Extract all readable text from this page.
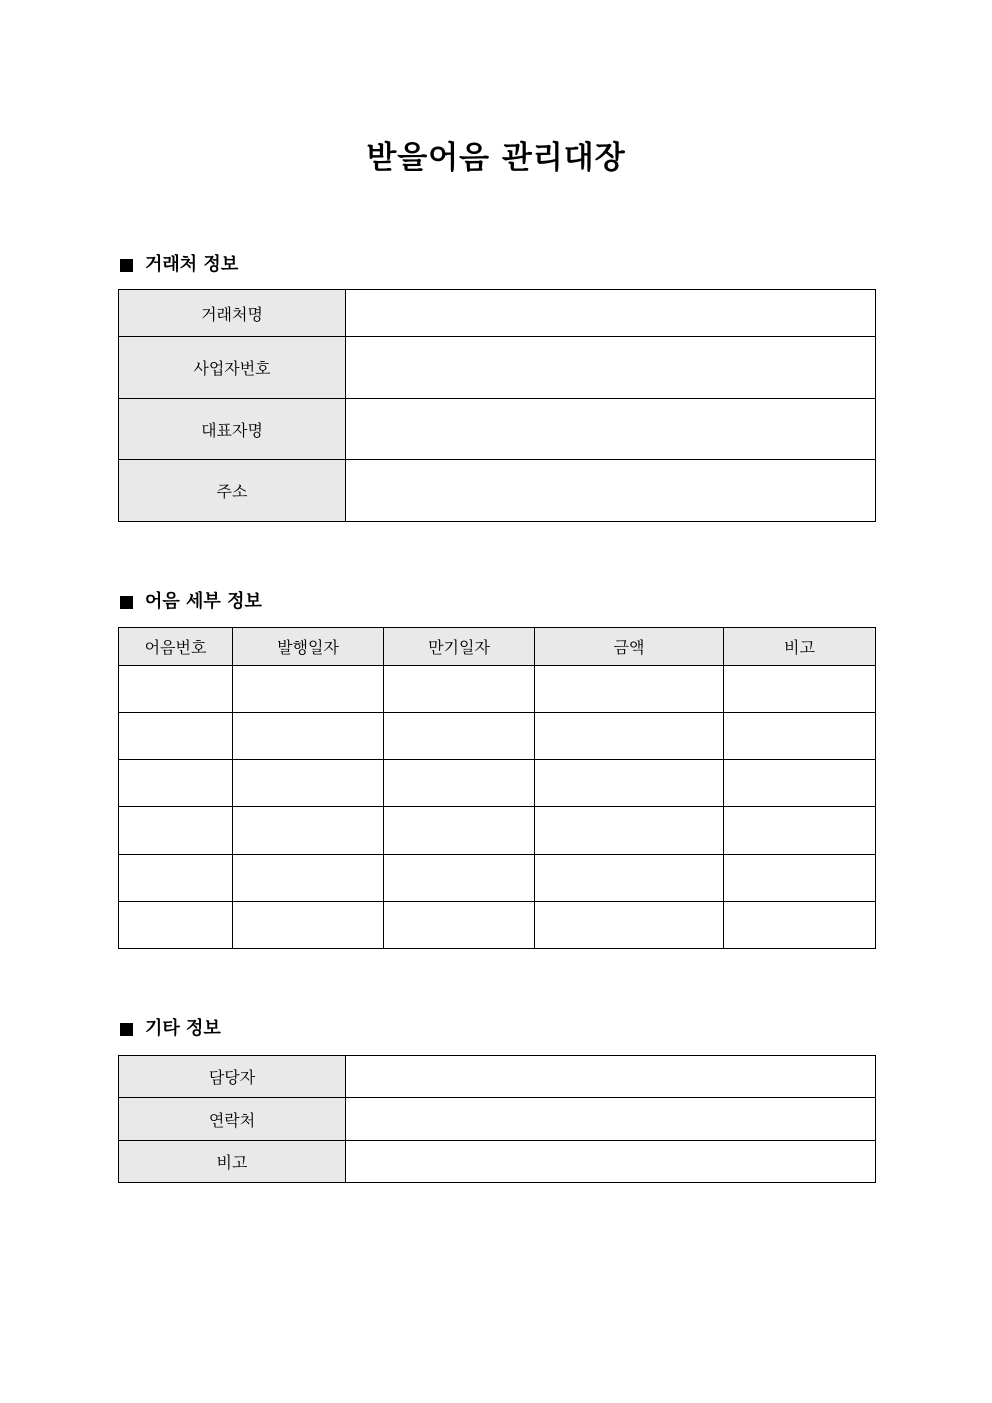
받을어음 관리대장
거래처 정보
거래처명	
사업자번호	
대표자명	
주소	
어음 세부 정보
어음번호	발행일자	만기일자	금액	비고

기타 정보
담당자	
연락처	
비고	
